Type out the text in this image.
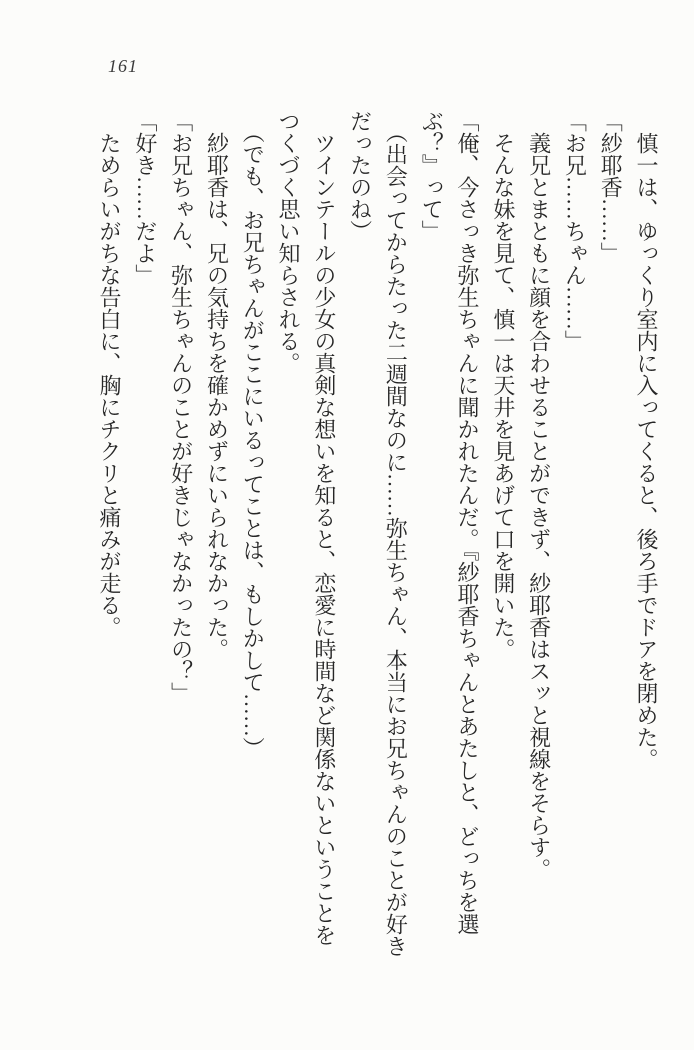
161
　慎一は、ゆっくり室内に入ってくると、後ろ手でドアを閉めた。
「紗耶香……」
「お兄……ちゃん……」
　義兄とまともに顔を合わせることができず、紗耶香はスッと視線をそらす。
　そんな妹を見て、慎一は天井を見あげて口を開いた。
「俺、今さっき弥生ちゃんに聞かれたんだ。『紗耶香ちゃんとあたしと、どっちを選
ぶ？』って」
　（出会ってからたった二週間なのに……弥生ちゃん、本当にお兄ちゃんのことが好き
だったのね）
　ツインテールの少女の真剣な想いを知ると、恋愛に時間など関係ないということを
つくづく思い知らされる。
　（でも、お兄ちゃんがここにいるってことは、もしかして……）
　紗耶香は、兄の気持ちを確かめずにいられなかった。
「お兄ちゃん、弥生ちゃんのことが好きじゃなかったの？」
「好き……だよ」
　ためらいがちな告白に、胸にチクリと痛みが走る。
